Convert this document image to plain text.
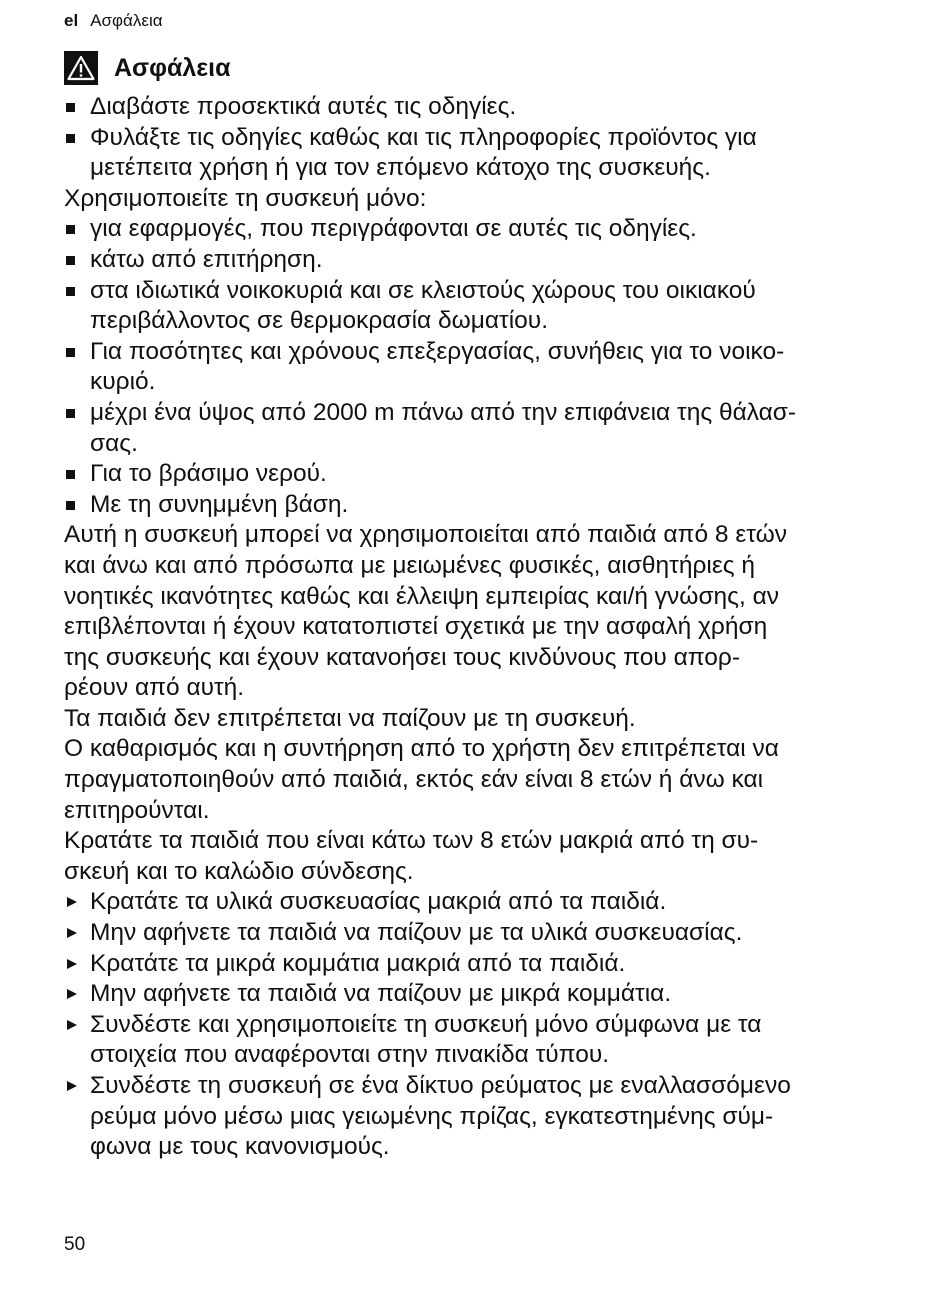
el Ασφάλεια
Ασφάλεια
Διαβάστε προσεκτικά αυτές τις οδηγίες.
Φυλάξτε τις οδηγίες καθώς και τις πληροφορίες προϊόντος για
μετέπειτα χρήση ή για τον επόμενο κάτοχο της συσκευής.

Χρησιμοποιείτε τη συσκευή μόνο:

για εφαρμογές, που περιγράφονται σε αυτές τις οδηγίες.
κάτω από επιτήρηση.
στα ιδιωτικά νοικοκυριά και σε κλειστούς χώρους του οικιακού
περιβάλλοντος σε θερμοκρασία δωματίου.
Για ποσότητες και χρόνους επεξεργασίας, συνήθεις για το νοικο-
κυριό.
μέχρι ένα ύψος από 2000 m πάνω από την επιφάνεια της θάλασ-
σας.
Για το βράσιμο νερού.
Με τη συνημμένη βάση.

Αυτή η συσκευή μπορεί να χρησιμοποιείται από παιδιά από 8 ετών
και άνω και από πρόσωπα με μειωμένες φυσικές, αισθητήριες ή
νοητικές ικανότητες καθώς και έλλειψη εμπειρίας και/ή γνώσης, αν
επιβλέπονται ή έχουν κατατοπιστεί σχετικά με την ασφαλή χρήση
της συσκευής και έχουν κατανοήσει τους κινδύνους που απορ-
ρέουν από αυτή.

Τα παιδιά δεν επιτρέπεται να παίζουν με τη συσκευή.

Ο καθαρισμός και η συντήρηση από το χρήστη δεν επιτρέπεται να
πραγματοποιηθούν από παιδιά, εκτός εάν είναι 8 ετών ή άνω και
επιτηρούνται.

Κρατάτε τα παιδιά που είναι κάτω των 8 ετών μακριά από τη συ-
σκευή και το καλώδιο σύνδεσης.

Κρατάτε τα υλικά συσκευασίας μακριά από τα παιδιά.
Μην αφήνετε τα παιδιά να παίζουν με τα υλικά συσκευασίας.
Κρατάτε τα μικρά κομμάτια μακριά από τα παιδιά.
Μην αφήνετε τα παιδιά να παίζουν με μικρά κομμάτια.
Συνδέστε και χρησιμοποιείτε τη συσκευή μόνο σύμφωνα με τα
στοιχεία που αναφέρονται στην πινακίδα τύπου.
Συνδέστε τη συσκευή σε ένα δίκτυο ρεύματος με εναλλασσόμενο
ρεύμα μόνο μέσω μιας γειωμένης πρίζας, εγκατεστημένης σύμ-
φωνα με τους κανονισμούς.
50
